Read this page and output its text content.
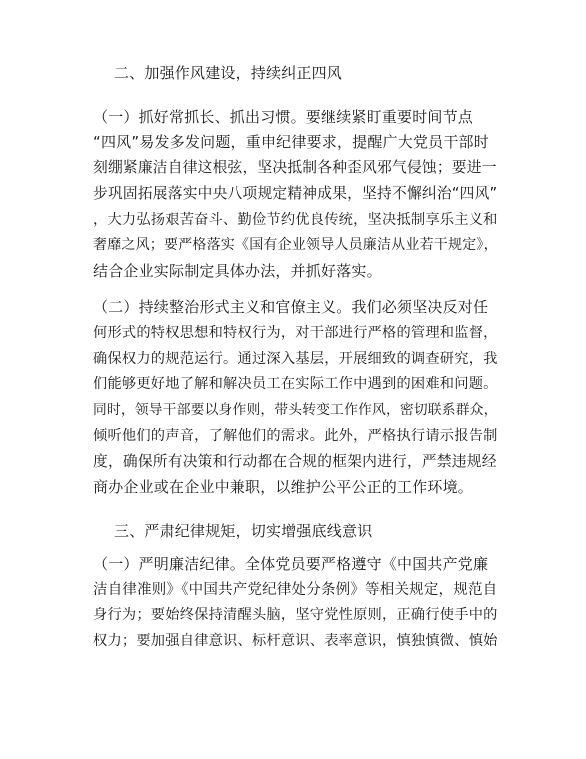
二、加强作风建设，持续纠正四风
（一）抓好常抓长、抓出习惯。要继续紧盯重要时间节点
“四风”易发多发问题，重申纪律要求，提醒广大党员干部时
刻绷紧廉洁自律这根弦，坚决抵制各种歪风邪气侵蚀；要进一
步巩固拓展落实中央八项规定精神成果，坚持不懈纠治“四风”
，大力弘扬艰苦奋斗、勤俭节约优良传统，坚决抵制享乐主义和
奢靡之风；要严格落实《国有企业领导人员廉洁从业若干规定》，
结合企业实际制定具体办法，并抓好落实。
（二）持续整治形式主义和官僚主义。我们必须坚决反对任
何形式的特权思想和特权行为，对干部进行严格的管理和监督，
确保权力的规范运行。通过深入基层，开展细致的调查研究，我
们能够更好地了解和解决员工在实际工作中遇到的困难和问题。
同时，领导干部要以身作则，带头转变工作作风，密切联系群众，
倾听他们的声音，了解他们的需求。此外，严格执行请示报告制
度，确保所有决策和行动都在合规的框架内进行，严禁违规经
商办企业或在企业中兼职，以维护公平公正的工作环境。
三、严肃纪律规矩，切实增强底线意识
（一）严明廉洁纪律。全体党员要严格遵守《中国共产党廉
洁自律准则》《中国共产党纪律处分条例》等相关规定，规范自
身行为；要始终保持清醒头脑，坚守党性原则，正确行使手中的
权力；要加强自律意识、标杆意识、表率意识，慎独慎微、慎始
